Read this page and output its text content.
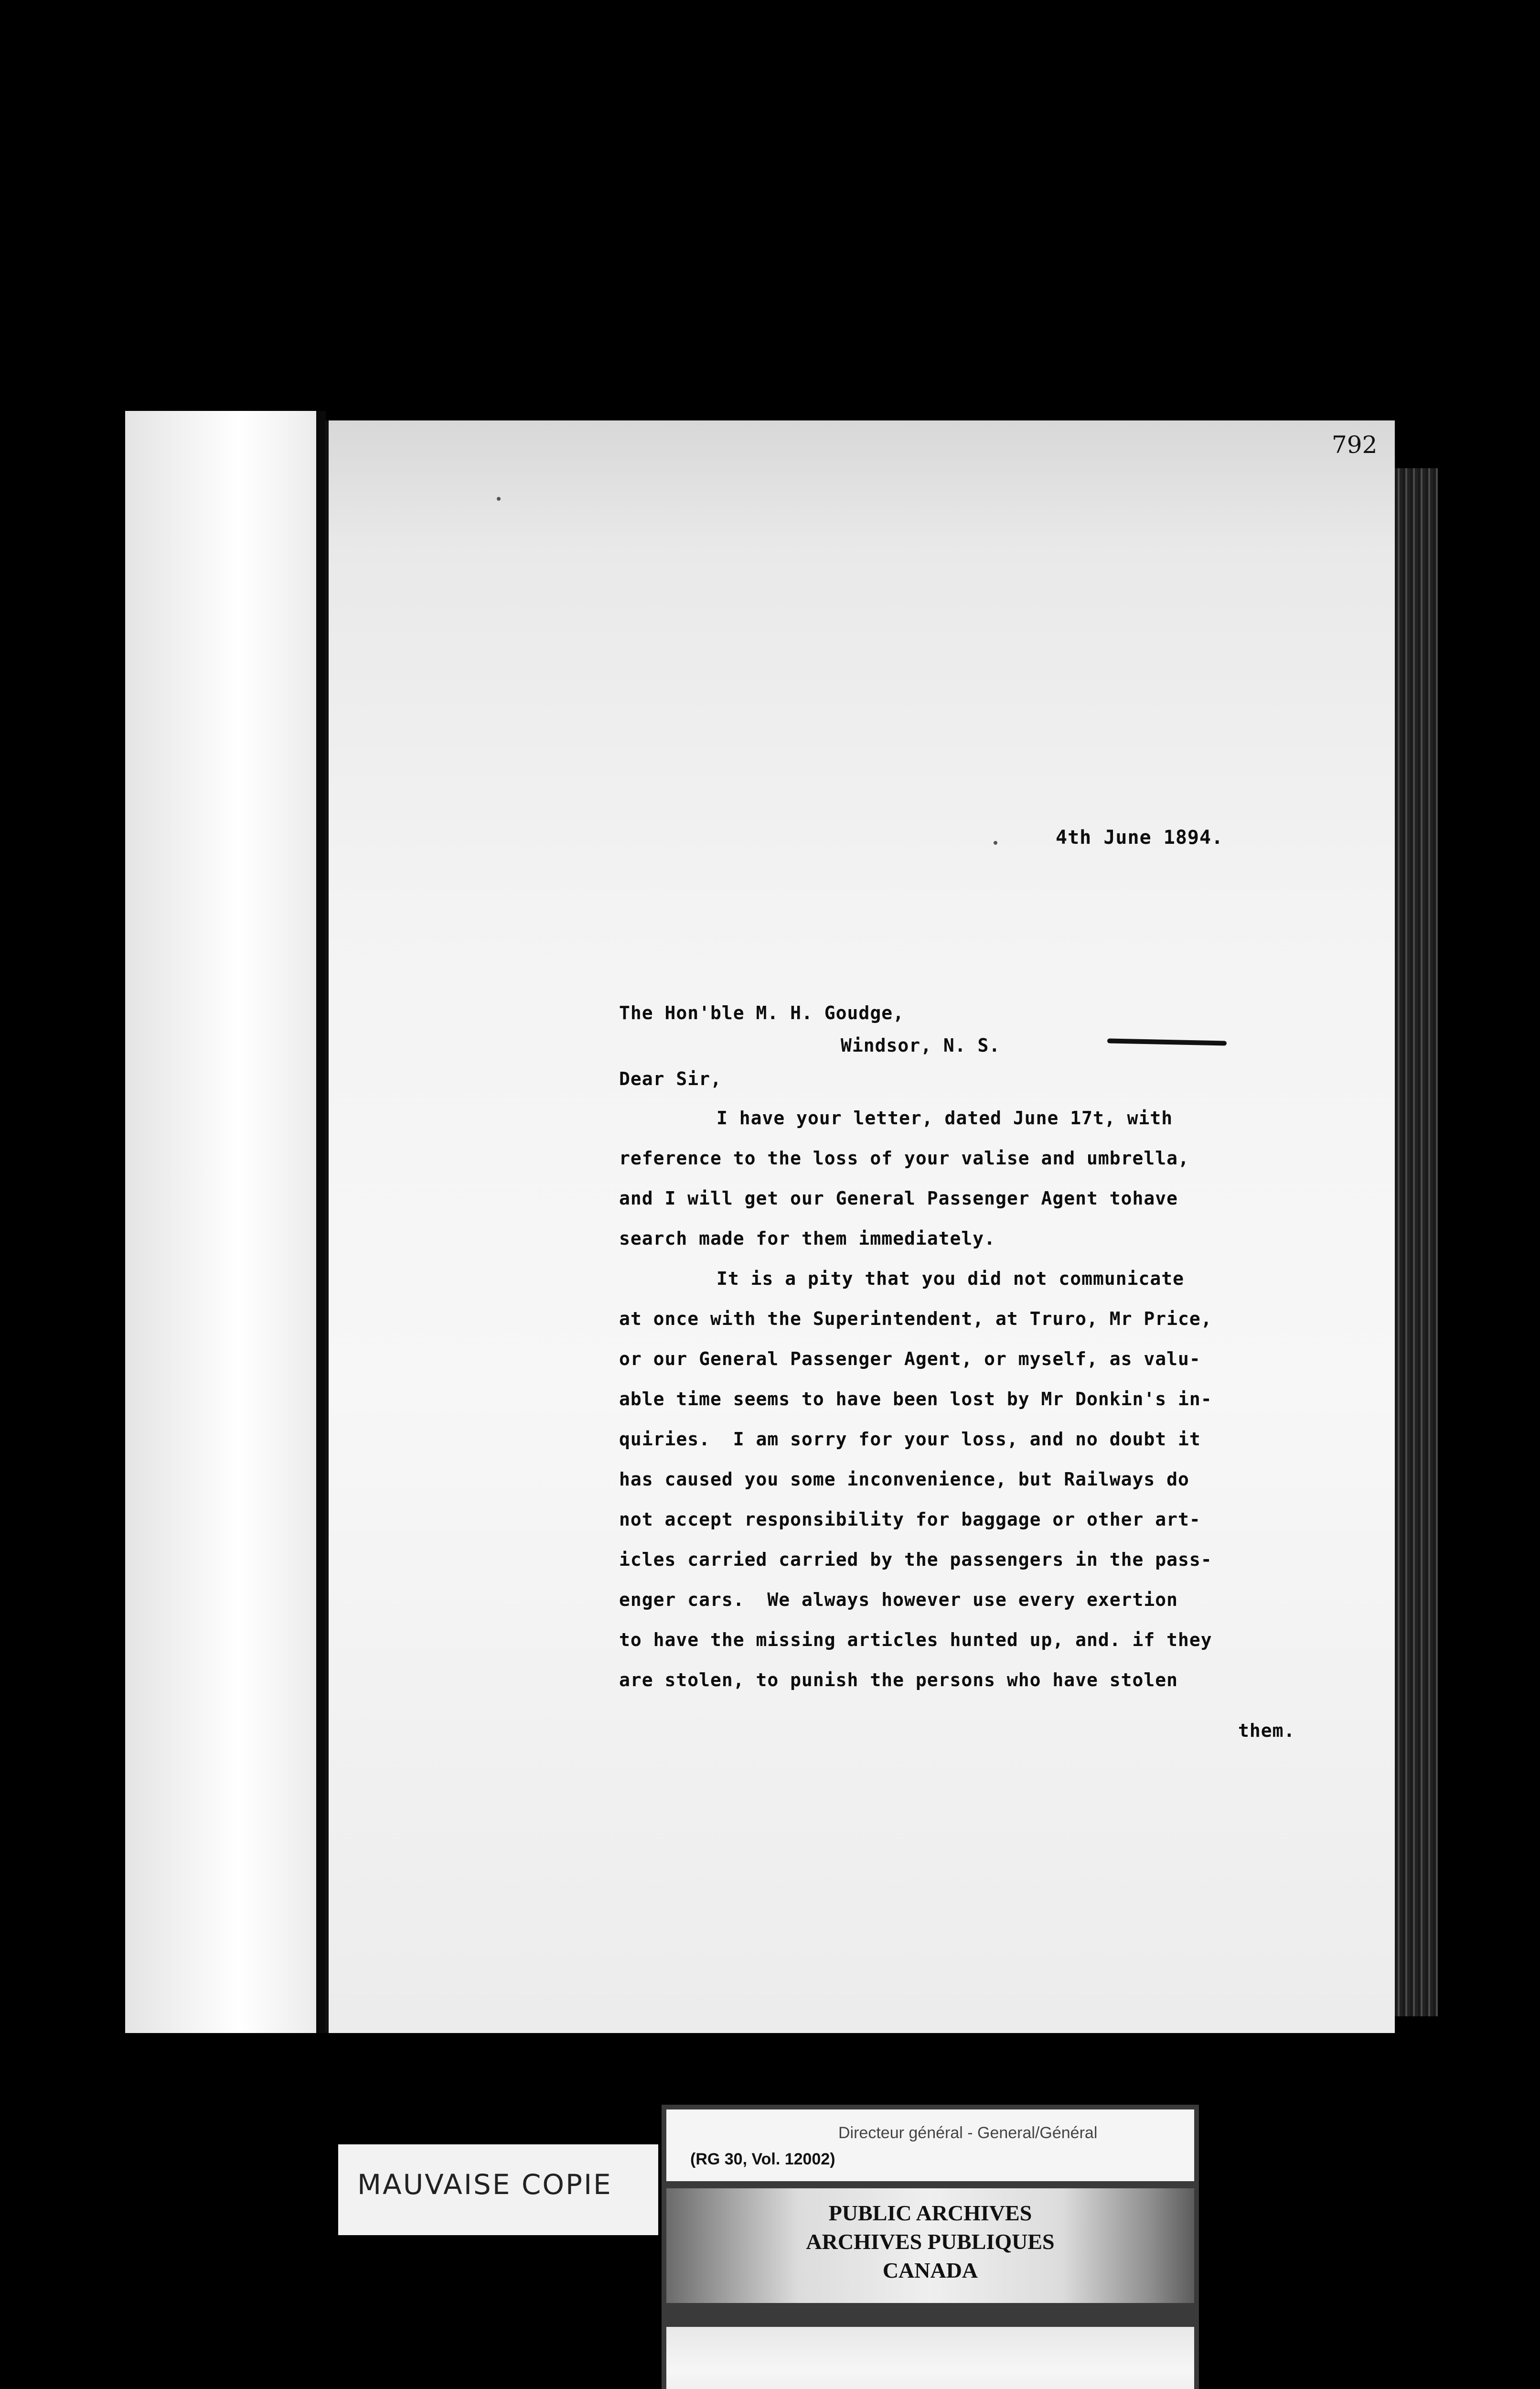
792
4th June 1894.
The Hon'ble M. H. Goudge,
Windsor, N. S.
Dear Sir,
I have your letter, dated June 17t, with
reference to the loss of your valise and umbrella,
and I will get our General Passenger Agent tohave
search made for them immediately.
It is a pity that you did not communicate
at once with the Superintendent, at Truro, Mr Price,
or our General Passenger Agent, or myself, as valu-
able time seems to have been lost by Mr Donkin's in-
quiries.  I am sorry for your loss, and no doubt it
has caused you some inconvenience, but Railways do
not accept responsibility for baggage or other art-
icles carried carried by the passengers in the pass-
enger cars.  We always however use every exertion
to have the missing articles hunted up, and. if they
are stolen, to punish the persons who have stolen
them.
MAUVAISE COPIE
Directeur général - General/Général
(RG 30, Vol. 12002)
PUBLIC ARCHIVES
ARCHIVES PUBLIQUES
CANADA
